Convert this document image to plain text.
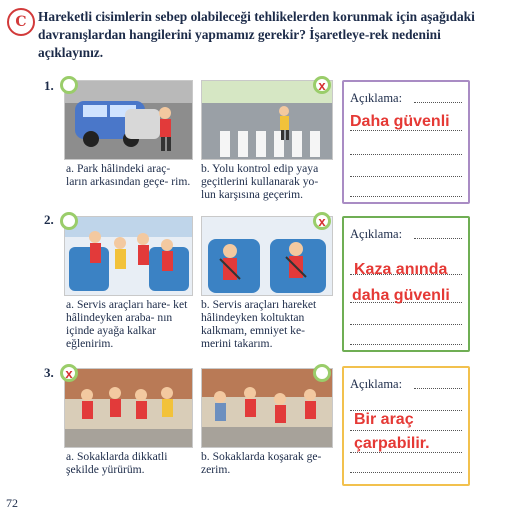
C Hareketli cisimlerin sebep olabileceği tehlikelerden korunmak için aşağıdaki davranışlardan hangilerini yapmamız gerekir? İşaretleye-rek nedenini açıklayınız.
1.	x
a. Park hâlindeki araç- ların arkasından geçe- rim.
b. Yolu kontrol edip yaya geçitlerini kullanarak yo- lun karşısına geçerim.
Açıklama:
Daha güvenli
2.	x
a. Servis araçları hare- ket hâlindeyken araba- nın içinde ayağa kalkar eğlenirim.
b. Servis araçları hareket hâlindeyken koltuktan kalkmam, emniyet ke- merini takarım.
Açıklama:
Kaza anında
daha güvenli
3. x
a. Sokaklarda dikkatli şekilde yürürüm.
b. Sokaklarda koşarak ge- zerim.
Açıklama:
Bir araç
çarpabilir.
72
